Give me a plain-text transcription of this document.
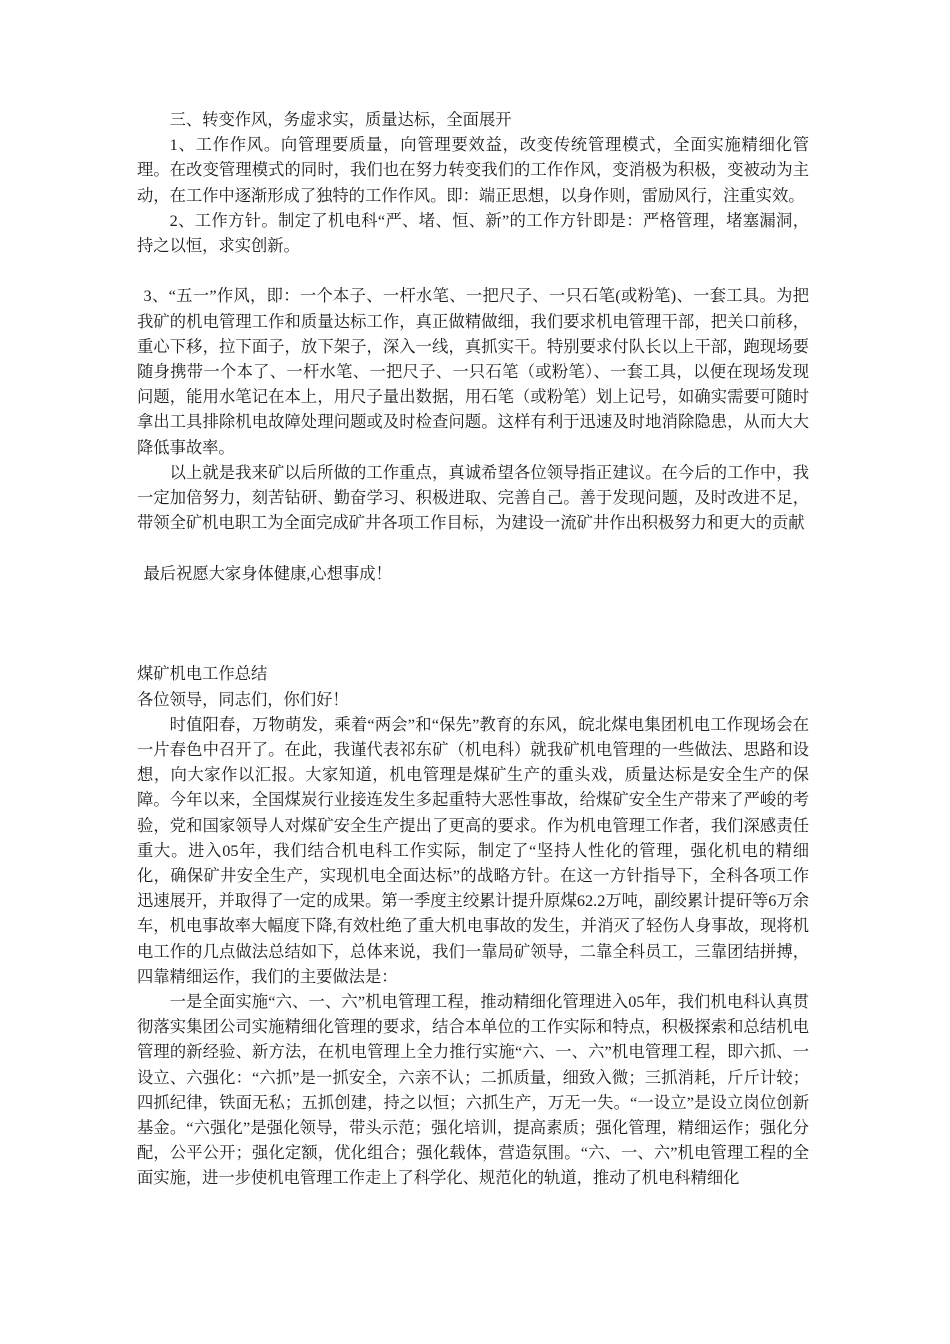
三、转变作风，务虚求实，质量达标，全面展开

1、工作作风。向管理要质量，向管理要效益，改变传统管理模式，全面实施精细化管理。在改变管理模式的同时，我们也在努力转变我们的工作作风，变消极为积极，变被动为主动，在工作中逐渐形成了独特的工作作风。即：端正思想，以身作则，雷励风行，注重实效。

2、工作方针。制定了机电科“严、堵、恒、新”的工作方针即是：严格管理，堵塞漏洞，持之以恒，求实创新。

3、“五一”作风，即：一个本子、一杆水笔、一把尺子、一只石笔(或粉笔)、一套工具。为把我矿的机电管理工作和质量达标工作，真正做精做细，我们要求机电管理干部，把关口前移，重心下移，拉下面子，放下架子，深入一线，真抓实干。特别要求付队长以上干部，跑现场要随身携带一个本了、一杆水笔、一把尺子、一只石笔（或粉笔）、一套工具，以便在现场发现问题，能用水笔记在本上，用尺子量出数据，用石笔（或粉笔）划上记号，如确实需要可随时拿出工具排除机电故障处理问题或及时检查问题。这样有利于迅速及时地消除隐患，从而大大降低事故率。

以上就是我来矿以后所做的工作重点，真诚希望各位领导指正建议。在今后的工作中，我一定加倍努力，刻苦钻研、勤奋学习、积极进取、完善自己。善于发现问题，及时改进不足，带领全矿机电职工为全面完成矿井各项工作目标，为建设一流矿井作出积极努力和更大的贡献

最后祝愿大家身体健康,心想事成！

煤矿机电工作总结

各位领导，同志们，你们好！

时值阳春，万物萌发，乘着“两会”和“保先”教育的东风，皖北煤电集团机电工作现场会在一片春色中召开了。在此，我谨代表祁东矿（机电科）就我矿机电管理的一些做法、思路和设想，向大家作以汇报。大家知道，机电管理是煤矿生产的重头戏，质量达标是安全生产的保障。今年以来，全国煤炭行业接连发生多起重特大恶性事故，给煤矿安全生产带来了严峻的考验，党和国家领导人对煤矿安全生产提出了更高的要求。作为机电管理工作者，我们深感责任重大。进入05年，我们结合机电科工作实际，制定了“坚持人性化的管理，强化机电的精细化，确保矿井安全生产，实现机电全面达标”的战略方针。在这一方针指导下，全科各项工作迅速展开，并取得了一定的成果。第一季度主绞累计提升原煤62.2万吨，副绞累计提矸等6万余车，机电事故率大幅度下降,有效杜绝了重大机电事故的发生，并消灭了轻伤人身事故，现将机电工作的几点做法总结如下，总体来说，我们一靠局矿领导，二靠全科员工，三靠团结拼搏，四靠精细运作，我们的主要做法是：

一是全面实施“六、一、六”机电管理工程，推动精细化管理进入05年，我们机电科认真贯彻落实集团公司实施精细化管理的要求，结合本单位的工作实际和特点，积极探索和总结机电管理的新经验、新方法，在机电管理上全力推行实施“六、一、六”机电管理工程，即六抓、一设立、六强化：“六抓”是一抓安全，六亲不认；二抓质量，细致入微；三抓消耗，斤斤计较；四抓纪律，铁面无私；五抓创建，持之以恒；六抓生产，万无一失。“一设立”是设立岗位创新基金。“六强化”是强化领导，带头示范；强化培训，提高素质；强化管理，精细运作；强化分配，公平公开；强化定额，优化组合；强化载体，营造氛围。“六、一、六”机电管理工程的全面实施，进一步使机电管理工作走上了科学化、规范化的轨道，推动了机电科精细化
